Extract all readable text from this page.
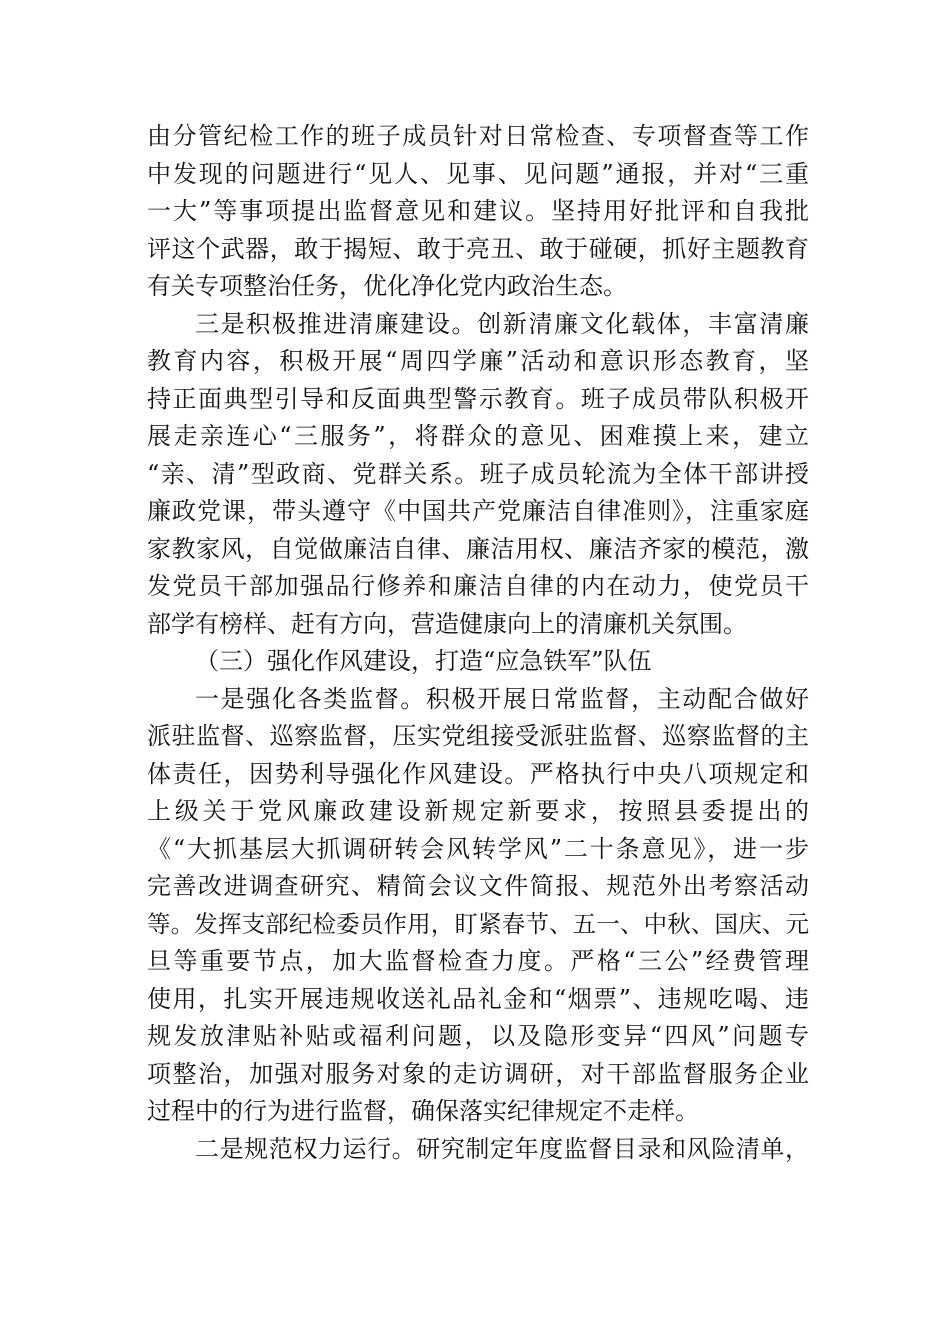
由分管纪检工作的班子成员针对日常检查、专项督查等工作
中发现的问题进行“见人、见事、见问题”通报，并对“三重
一大”等事项提出监督意见和建议。坚持用好批评和自我批
评这个武器，敢于揭短、敢于亮丑、敢于碰硬，抓好主题教育
有关专项整治任务，优化净化党内政治生态。
三是积极推进清廉建设。创新清廉文化载体，丰富清廉
教育内容，积极开展“周四学廉”活动和意识形态教育，坚
持正面典型引导和反面典型警示教育。班子成员带队积极开
展走亲连心“三服务”，将群众的意见、困难摸上来，建立
“亲、清”型政商、党群关系。班子成员轮流为全体干部讲授
廉政党课，带头遵守《中国共产党廉洁自律准则》，注重家庭
家教家风，自觉做廉洁自律、廉洁用权、廉洁齐家的模范，激
发党员干部加强品行修养和廉洁自律的内在动力，使党员干
部学有榜样、赶有方向，营造健康向上的清廉机关氛围。
（三）强化作风建设，打造“应急铁军”队伍
一是强化各类监督。积极开展日常监督，主动配合做好
派驻监督、巡察监督，压实党组接受派驻监督、巡察监督的主
体责任，因势利导强化作风建设。严格执行中央八项规定和
上级关于党风廉政建设新规定新要求，按照县委提出的
《“大抓基层大抓调研转会风转学风”二十条意见》，进一步
完善改进调查研究、精简会议文件简报、规范外出考察活动
等。发挥支部纪检委员作用，盯紧春节、五一、中秋、国庆、元
旦等重要节点，加大监督检查力度。严格“三公”经费管理
使用，扎实开展违规收送礼品礼金和“烟票”、违规吃喝、违
规发放津贴补贴或福利问题，以及隐形变异“四风”问题专
项整治，加强对服务对象的走访调研，对干部监督服务企业
过程中的行为进行监督，确保落实纪律规定不走样。
二是规范权力运行。研究制定年度监督目录和风险清单，
